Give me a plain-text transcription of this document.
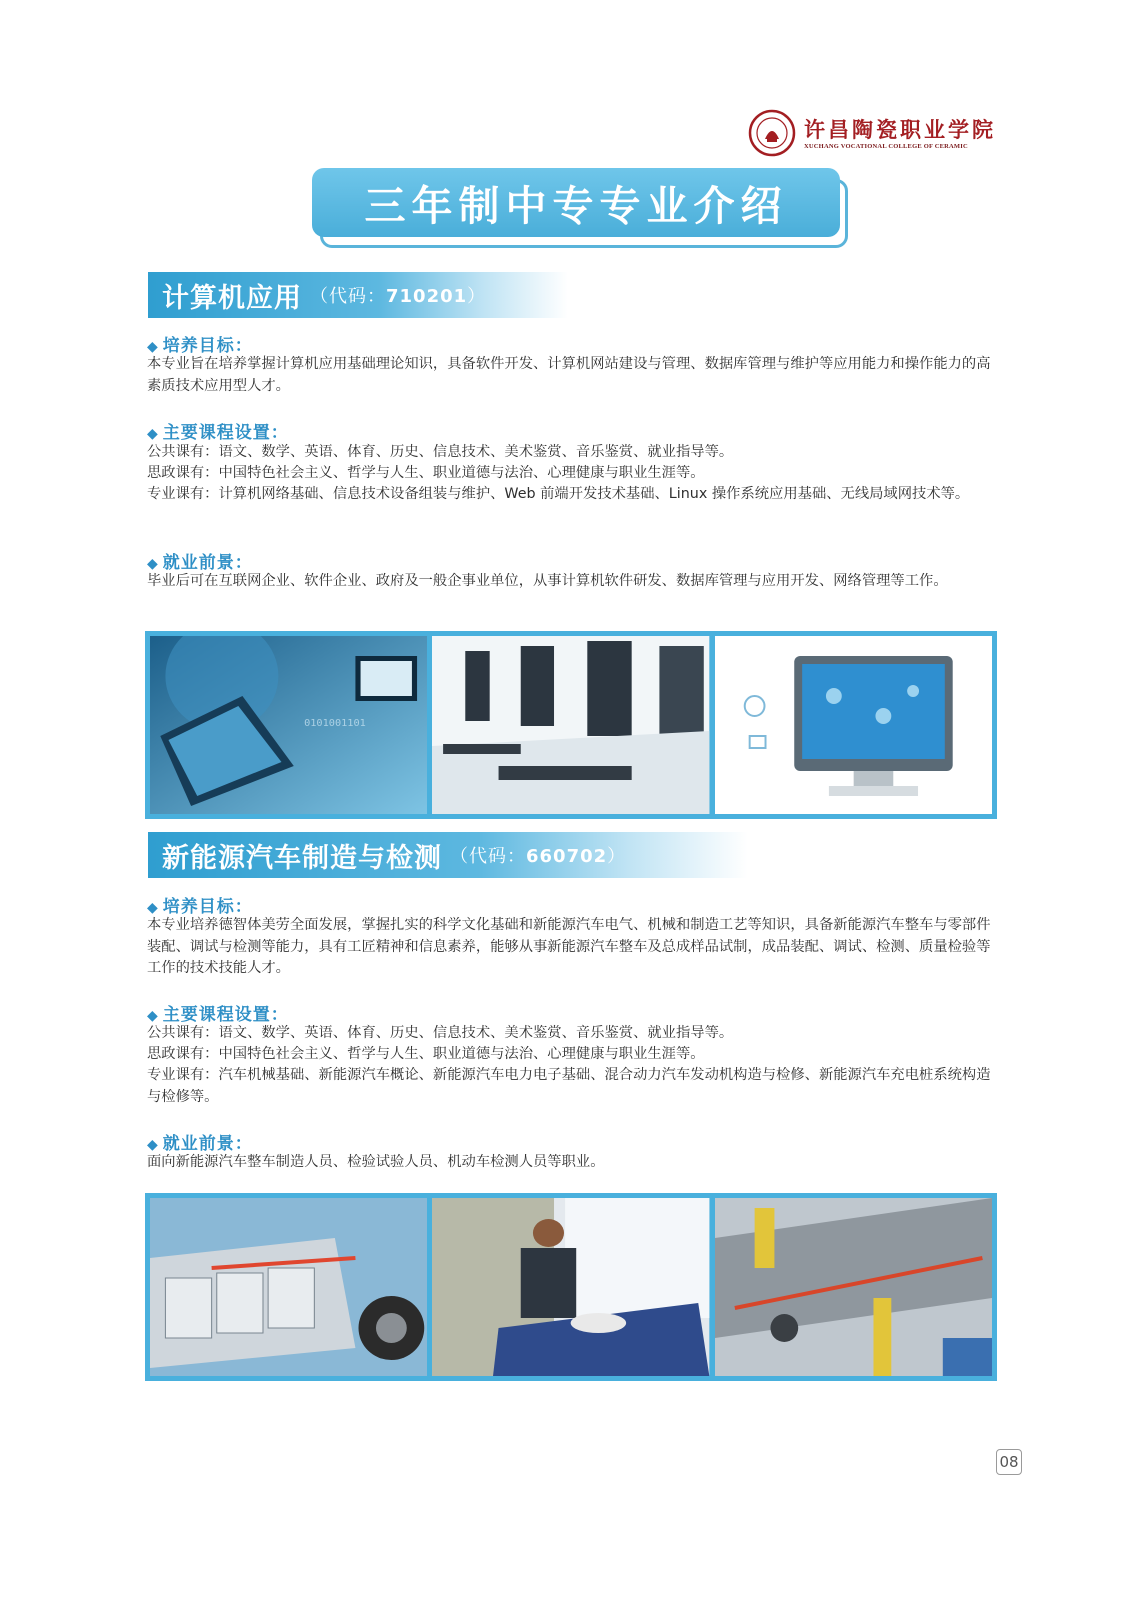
许昌陶瓷职业学院
XUCHANG VOCATIONAL COLLEGE OF CERAMIC
三年制中专专业介绍
计算机应用 （代码：710201）
◆ 培养目标：
本专业旨在培养掌握计算机应用基础理论知识，具备软件开发、计算机网站建设与管理、数据库管理与维护等应用能力和操作能力的高素质技术应用型人才。
◆ 主要课程设置：
公共课有：语文、数学、英语、体育、历史、信息技术、美术鉴赏、音乐鉴赏、就业指导等。
思政课有：中国特色社会主义、哲学与人生、职业道德与法治、心理健康与职业生涯等。
专业课有：计算机网络基础、信息技术设备组装与维护、Web 前端开发技术基础、Linux 操作系统应用基础、无线局域网技术等。
◆ 就业前景：
毕业后可在互联网企业、软件企业、政府及一般企事业单位，从事计算机软件研发、数据库管理与应用开发、网络管理等工作。
0101001101
新能源汽车制造与检测 （代码：660702）
◆ 培养目标：
本专业培养德智体美劳全面发展，掌握扎实的科学文化基础和新能源汽车电气、机械和制造工艺等知识，具备新能源汽车整车与零部件装配、调试与检测等能力，具有工匠精神和信息素养，能够从事新能源汽车整车及总成样品试制，成品装配、调试、检测、质量检验等工作的技术技能人才。
◆ 主要课程设置：
公共课有：语文、数学、英语、体育、历史、信息技术、美术鉴赏、音乐鉴赏、就业指导等。
思政课有：中国特色社会主义、哲学与人生、职业道德与法治、心理健康与职业生涯等。
专业课有：汽车机械基础、新能源汽车概论、新能源汽车电力电子基础、混合动力汽车发动机构造与检修、新能源汽车充电桩系统构造与检修等。
◆ 就业前景：
面向新能源汽车整车制造人员、检验试验人员、机动车检测人员等职业。
08
